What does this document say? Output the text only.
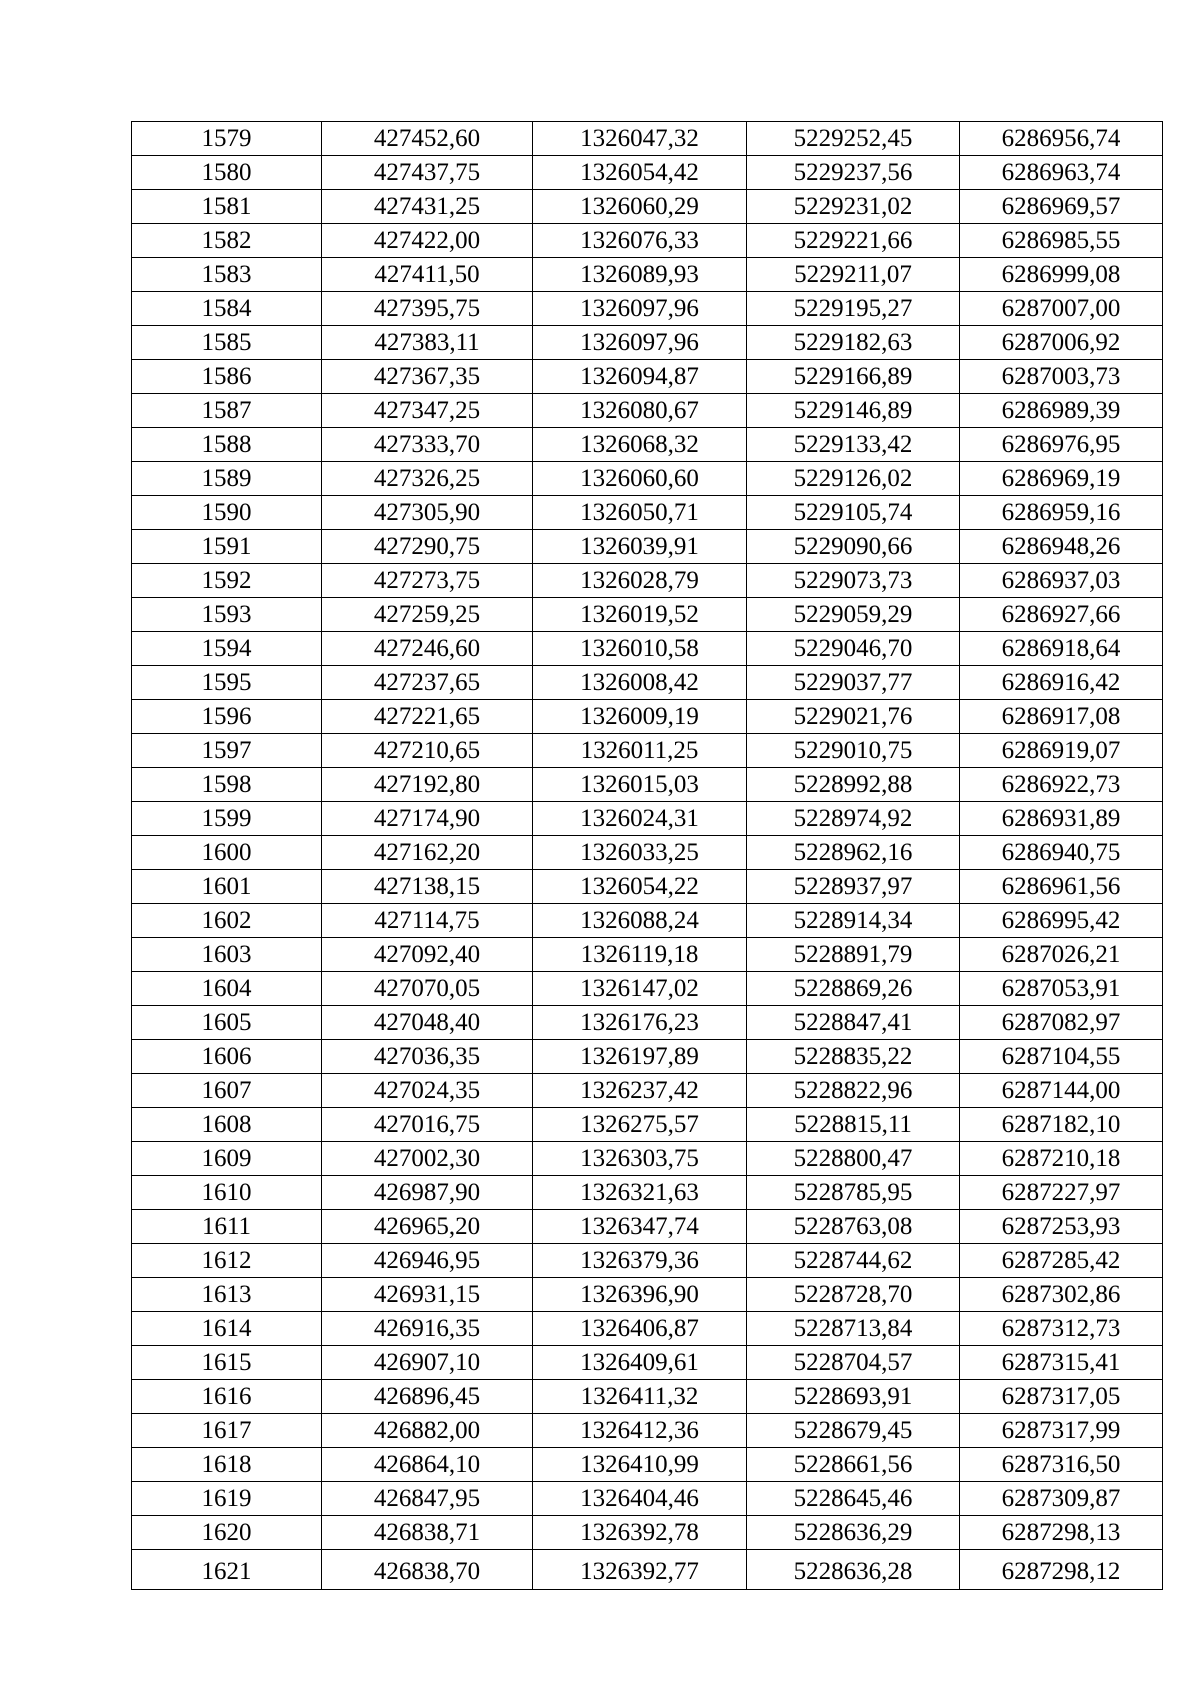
1579	427452,60	1326047,32	5229252,45	6286956,74
1580	427437,75	1326054,42	5229237,56	6286963,74
1581	427431,25	1326060,29	5229231,02	6286969,57
1582	427422,00	1326076,33	5229221,66	6286985,55
1583	427411,50	1326089,93	5229211,07	6286999,08
1584	427395,75	1326097,96	5229195,27	6287007,00
1585	427383,11	1326097,96	5229182,63	6287006,92
1586	427367,35	1326094,87	5229166,89	6287003,73
1587	427347,25	1326080,67	5229146,89	6286989,39
1588	427333,70	1326068,32	5229133,42	6286976,95
1589	427326,25	1326060,60	5229126,02	6286969,19
1590	427305,90	1326050,71	5229105,74	6286959,16
1591	427290,75	1326039,91	5229090,66	6286948,26
1592	427273,75	1326028,79	5229073,73	6286937,03
1593	427259,25	1326019,52	5229059,29	6286927,66
1594	427246,60	1326010,58	5229046,70	6286918,64
1595	427237,65	1326008,42	5229037,77	6286916,42
1596	427221,65	1326009,19	5229021,76	6286917,08
1597	427210,65	1326011,25	5229010,75	6286919,07
1598	427192,80	1326015,03	5228992,88	6286922,73
1599	427174,90	1326024,31	5228974,92	6286931,89
1600	427162,20	1326033,25	5228962,16	6286940,75
1601	427138,15	1326054,22	5228937,97	6286961,56
1602	427114,75	1326088,24	5228914,34	6286995,42
1603	427092,40	1326119,18	5228891,79	6287026,21
1604	427070,05	1326147,02	5228869,26	6287053,91
1605	427048,40	1326176,23	5228847,41	6287082,97
1606	427036,35	1326197,89	5228835,22	6287104,55
1607	427024,35	1326237,42	5228822,96	6287144,00
1608	427016,75	1326275,57	5228815,11	6287182,10
1609	427002,30	1326303,75	5228800,47	6287210,18
1610	426987,90	1326321,63	5228785,95	6287227,97
1611	426965,20	1326347,74	5228763,08	6287253,93
1612	426946,95	1326379,36	5228744,62	6287285,42
1613	426931,15	1326396,90	5228728,70	6287302,86
1614	426916,35	1326406,87	5228713,84	6287312,73
1615	426907,10	1326409,61	5228704,57	6287315,41
1616	426896,45	1326411,32	5228693,91	6287317,05
1617	426882,00	1326412,36	5228679,45	6287317,99
1618	426864,10	1326410,99	5228661,56	6287316,50
1619	426847,95	1326404,46	5228645,46	6287309,87
1620	426838,71	1326392,78	5228636,29	6287298,13
1621	426838,70	1326392,77	5228636,28	6287298,12
